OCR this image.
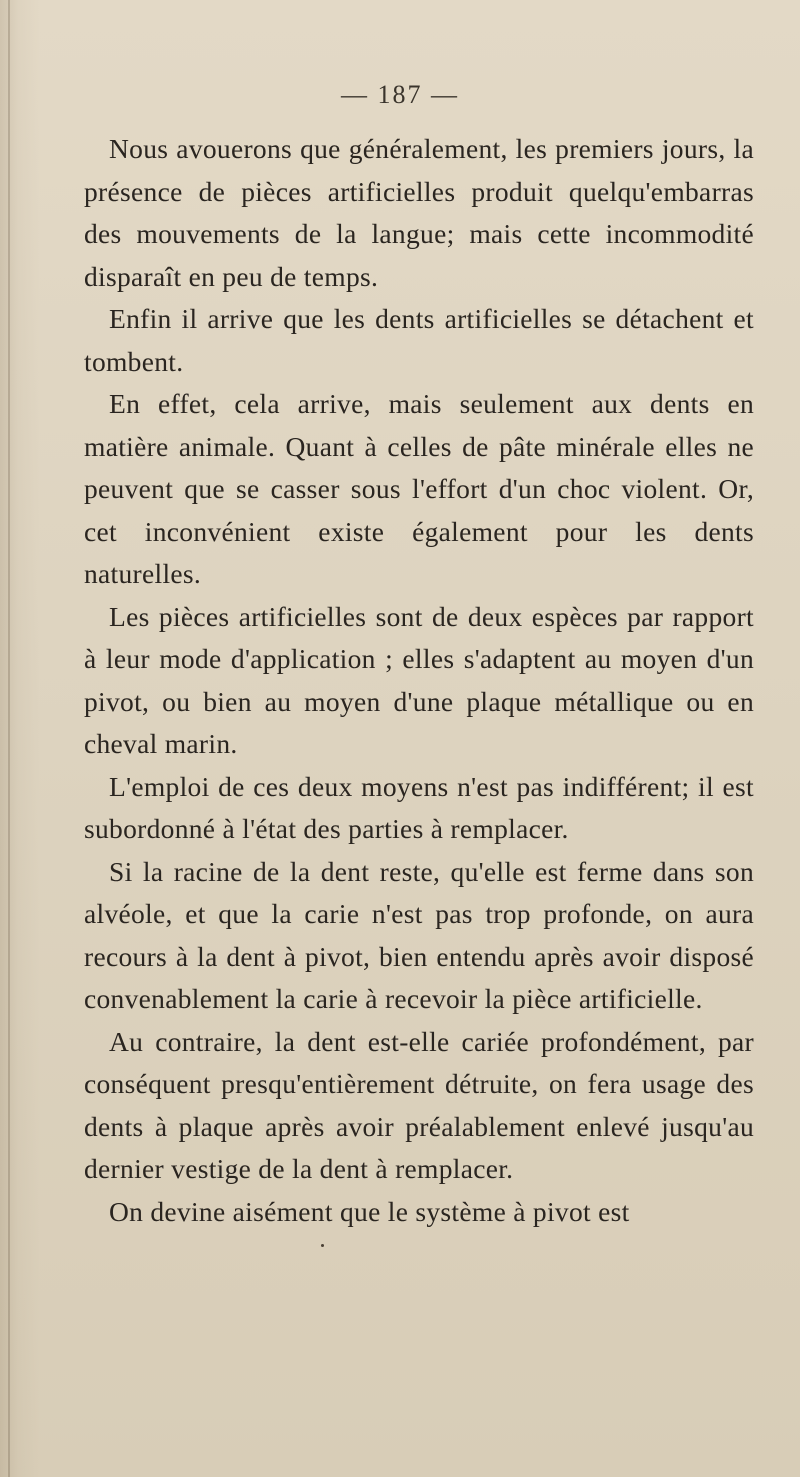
— 187 —

Nous avouerons que généralement, les premiers jours, la présence de pièces artificielles produit quelqu'embarras des mouvements de la langue; mais cette incommodité disparaît en peu de temps.

Enfin il arrive que les dents artificielles se détachent et tombent.

En effet, cela arrive, mais seulement aux dents en matière animale. Quant à celles de pâte minérale elles ne peuvent que se casser sous l'effort d'un choc violent. Or, cet inconvénient existe également pour les dents naturelles.

Les pièces artificielles sont de deux espèces par rapport à leur mode d'application ; elles s'adaptent au moyen d'un pivot, ou bien au moyen d'une plaque métallique ou en cheval marin.

L'emploi de ces deux moyens n'est pas indifférent; il est subordonné à l'état des parties à remplacer.

Si la racine de la dent reste, qu'elle est ferme dans son alvéole, et que la carie n'est pas trop profonde, on aura recours à la dent à pivot, bien entendu après avoir disposé convenablement la carie à recevoir la pièce artificielle.

Au contraire, la dent est-elle cariée profondément, par conséquent presqu'entièrement détruite, on fera usage des dents à plaque après avoir préalablement enlevé jusqu'au dernier vestige de la dent à remplacer.

On devine aisément que le système à pivot est
